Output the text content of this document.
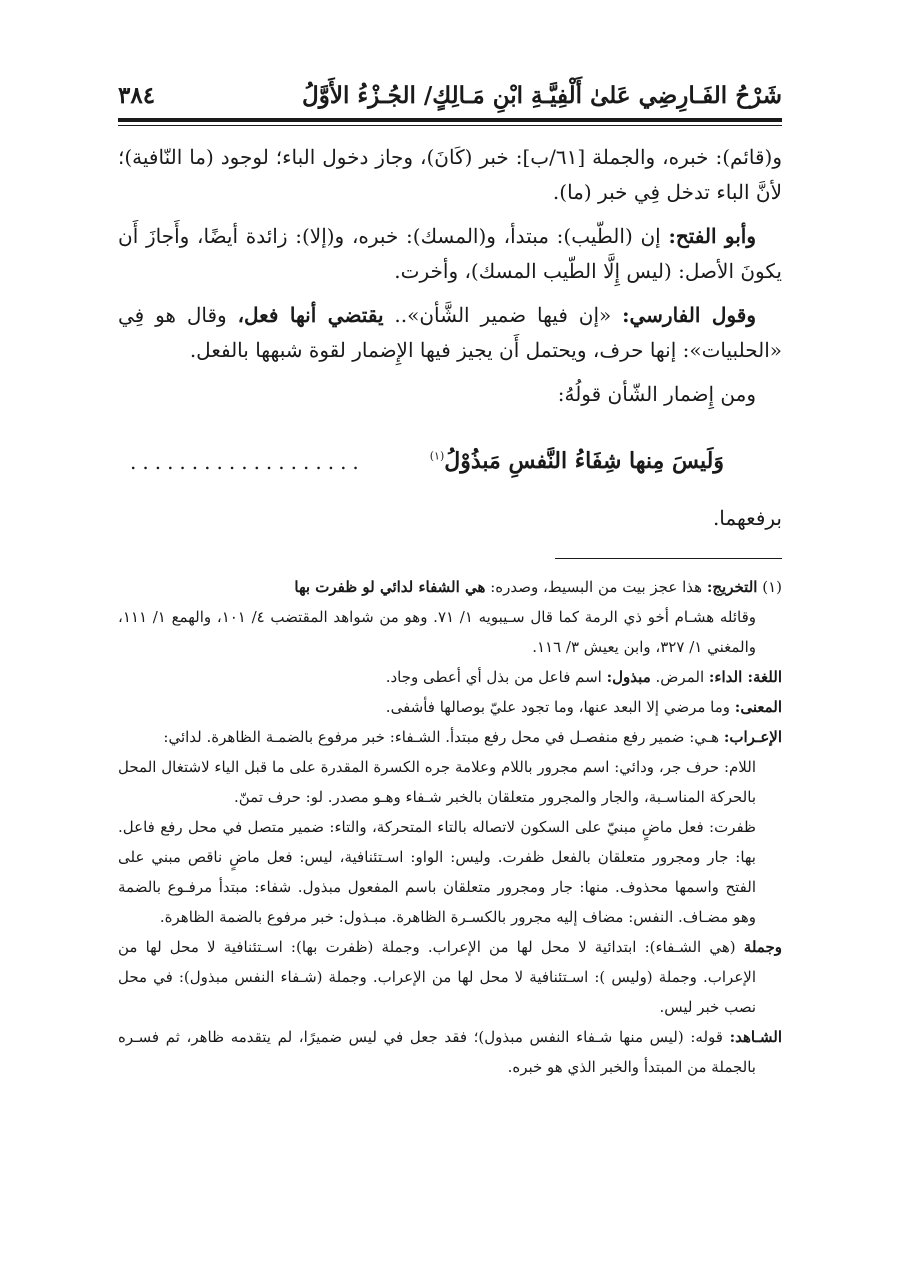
شَرْحُ الفَـارِضِي عَلىٰ أَلْفِيَّـةِ ابْنِ مَـالِكٍ/ الجُـزْءُ الأَوَّلُ
٣٨٤

و(قائم): خبره، والجملة [٦١/ب]: خبر (كَانَ)، وجاز دخول الباء؛ لوجود (ما النّافية)؛ لأنَّ الباء تدخل فِي خبر (ما).

وأبو الفتح: إن (الطّيب): مبتدأ، و(المسك): خبره، و(إلا): زائدة أيضًا، وأَجازَ أَن يكونَ الأصل: (ليس إِلَّا الطّيب المسك)، وأخرت.

وقول الفارسي: «إن فيها ضمير الشَّأن».. يقتضي أنها فعل، وقال هو فِي «الحلبيات»: إنها حرف، ويحتمل أَن يجيز فيها الإِضمار لقوة شبهها بالفعل.

ومن إِضمار الشّأن قولُهُ:

وَلَيسَ مِنها شِفَاءُ النَّفسِ مَبذُوْلُ$^{(١)}$
...................
برفعهما.

(١) التخريج: هذا عجز بيت من البسيط، وصدره: هي الشفاء لدائي لو ظفرت بها

وقائله هشـام أخو ذي الرمة كما قال سـيبويه ١/ ٧١. وهو من شواهد المقتضب ٤/ ١٠١، والهمع ١/ ١١١، والمغني ١/ ٣٢٧، وابن يعيش ٣/ ١١٦.

اللغة: الداء: المرض. مبذول: اسم فاعل من بذل أي أعطى وجاد.

المعنى: وما مرضي إلا البعد عنها، وما تجود عليّ بوصالها فأشفى.

الإعـراب: هـي: ضمير رفع منفصـل في محل رفع مبتدأ. الشـفاء: خبر مرفوع بالضمـة الظاهرة. لدائي:

اللام: حرف جر، ودائي: اسم مجرور باللام وعلامة جره الكسرة المقدرة على ما قبل الياء لاشتغال المحل بالحركة المناسـبة، والجار والمجرور متعلقان بالخبر شـفاء وهـو مصدر. لو: حرف تمنّ.

ظفرت: فعل ماضٍ مبنيّ على السكون لاتصاله بالتاء المتحركة، والتاء: ضمير متصل في محل رفع فاعل. بها: جار ومجرور متعلقان بالفعل ظفرت. وليس: الواو: اسـتئنافية، ليس: فعل ماضٍ ناقص مبني على الفتح واسمها محذوف. منها: جار ومجرور متعلقان باسم المفعول مبذول. شفاء: مبتدأ مرفـوع بالضمة وهو مضـاف. النفس: مضاف إليه مجرور بالكسـرة الظاهرة. مبـذول: خبر مرفوع بالضمة الظاهرة.

وجملة (هي الشـفاء): ابتدائية لا محل لها من الإعراب. وجملة (ظفرت بها): اسـتئنافية لا محل لها من الإعراب. وجملة (وليس ): اسـتئنافية لا محل لها من الإعراب. وجملة (شـفاء النفس مبذول): في محل نصب خبر ليس.

الشـاهد: قوله: (ليس منها شـفاء النفس مبذول)؛ فقد جعل في ليس ضميرًا، لم يتقدمه ظاهر، ثم فسـره بالجملة من المبتدأ والخبر الذي هو خبره.
